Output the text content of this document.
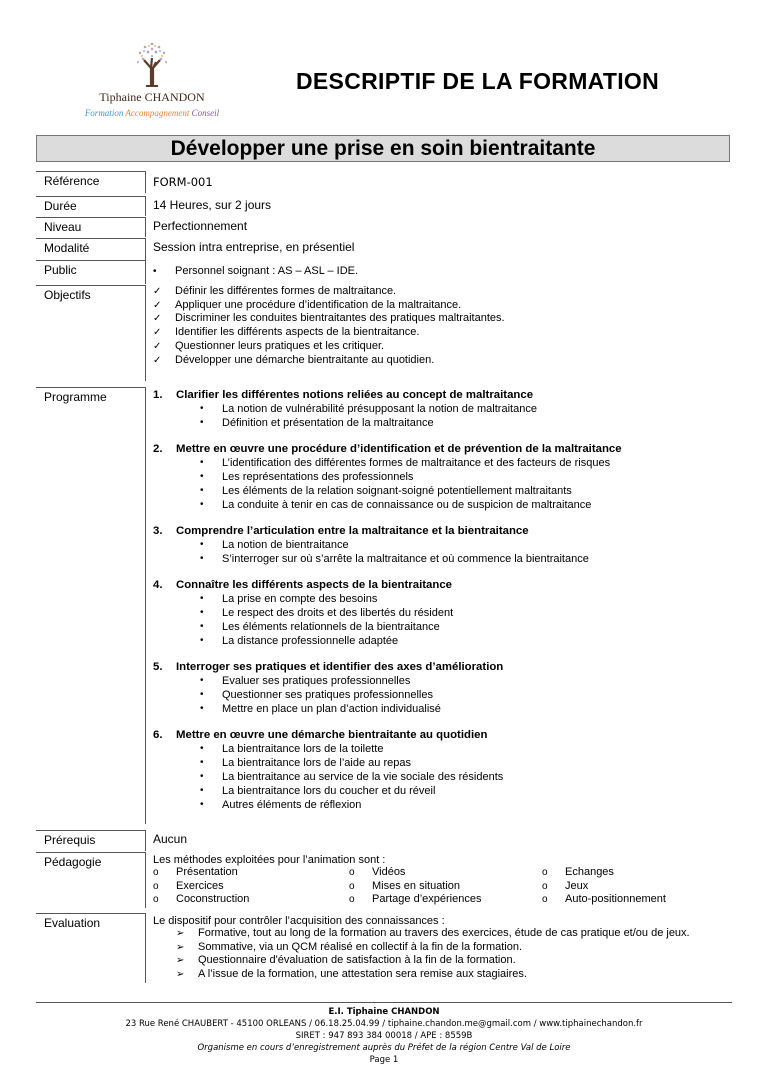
Tiphaine CHANDON
Formation Accompagnement Conseil
DESCRIPTIF DE LA FORMATION
Développer une prise en soin bientraitante
Référence	FORM-001
Durée	14 Heures, sur 2 jours
Niveau	Perfectionnement
Modalité	Session intra entreprise, en présentiel
Public	•	Personnel soignant : AS – ASL – IDE.
Objectifs	✓	Définir les différentes formes de maltraitance.
✓	Appliquer une procédure d’identification de la maltraitance.
✓	Discriminer les conduites bientraitantes des pratiques maltraitantes.
✓	Identifier les différents aspects de la bientraitance.
✓	Questionner leurs pratiques et les critiquer.
✓	Développer une démarche bientraitante au quotidien.
Programme	1.	Clarifier les différentes notions reliées au concept de maltraitance
•	La notion de vulnérabilité présupposant la notion de maltraitance
•	Définition et présentation de la maltraitance
2.	Mettre en œuvre une procédure d’identification et de prévention de la maltraitance
•	L’identification des différentes formes de maltraitance et des facteurs de risques
•	Les représentations des professionnels
•	Les éléments de la relation soignant-soigné potentiellement maltraitants
•	La conduite à tenir en cas de connaissance ou de suspicion de maltraitance
3.	Comprendre l’articulation entre la maltraitance et la bientraitance
•	La notion de bientraitance
•	S’interroger sur où s’arrête la maltraitance et où commence la bientraitance
4.	Connaître les différents aspects de la bientraitance
•	La prise en compte des besoins
•	Le respect des droits et des libertés du résident
•	Les éléments relationnels de la bientraitance
•	La distance professionnelle adaptée
5.	Interroger ses pratiques et identifier des axes d’amélioration
•	Evaluer ses pratiques professionnelles
•	Questionner ses pratiques professionnelles
•	Mettre en place un plan d’action individualisé
6.	Mettre en œuvre une démarche bientraitante au quotidien
•	La bientraitance lors de la toilette
•	La bientraitance lors de l’aide au repas
•	La bientraitance au service de la vie sociale des résidents
•	La bientraitance lors du coucher et du réveil
•	Autres éléments de réflexion
Prérequis	Aucun
Pédagogie	Les méthodes exploitées pour l’animation sont :
o	Présentation	o	Vidéos	o	Echanges
o	Exercices	o	Mises en situation	o	Jeux
o	Coconstruction	o	Partage d’expériences	o	Auto-positionnement
Evaluation	Le dispositif pour contrôler l’acquisition des connaissances :
➢	Formative, tout au long de la formation au travers des exercices, étude de cas pratique et/ou de jeux.
➢	Sommative, via un QCM réalisé en collectif à la fin de la formation.
➢	Questionnaire d'évaluation de satisfaction à la fin de la formation.
➢	A l’issue de la formation, une attestation sera remise aux stagiaires.
E.I. Tiphaine CHANDON
23 Rue René CHAUBERT - 45100 ORLEANS / 06.18.25.04.99 / tiphaine.chandon.me@gmail.com / www.tiphainechandon.fr
SIRET : 947 893 384 00018 / APE : 8559B
Organisme en cours d’enregistrement auprès du Préfet de la région Centre Val de Loire
Page 1
